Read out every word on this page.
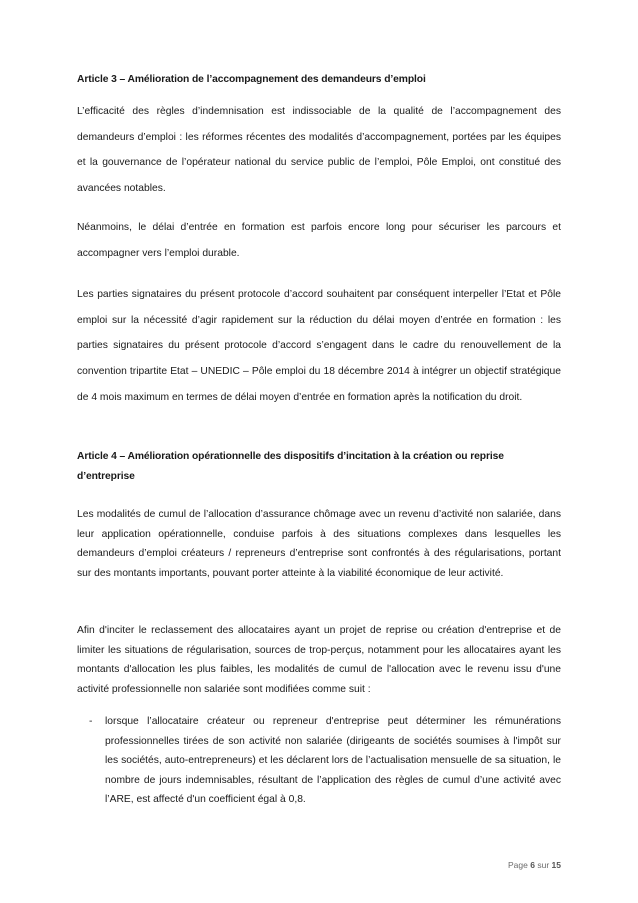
Article 3 – Amélioration de l’accompagnement des demandeurs d’emploi

L’efficacité des règles d’indemnisation est indissociable de la qualité de l’accompagnement des demandeurs d’emploi : les réformes récentes des modalités d’accompagnement, portées par les équipes et la gouvernance de l’opérateur national du service public de l’emploi, Pôle Emploi, ont constitué des avancées notables.

Néanmoins, le délai d’entrée en formation est parfois encore long pour sécuriser les parcours et accompagner vers l’emploi durable.

Les parties signataires du présent protocole d’accord souhaitent par conséquent interpeller l’Etat et Pôle emploi sur la nécessité d’agir rapidement sur la réduction du délai moyen d’entrée en formation : les parties signataires du présent protocole d’accord s’engagent dans le cadre du renouvellement de la convention tripartite Etat – UNEDIC – Pôle emploi du 18 décembre 2014 à intégrer un objectif stratégique de 4 mois maximum en termes de délai moyen d’entrée en formation après la notification du droit.

Article 4 – Amélioration opérationnelle des dispositifs d’incitation à la création ou reprise d’entreprise

Les modalités de cumul de l’allocation d’assurance chômage avec un revenu d’activité non salariée, dans leur application opérationnelle, conduise parfois à des situations complexes dans lesquelles les demandeurs d’emploi créateurs / repreneurs d’entreprise sont confrontés à des régularisations, portant sur des montants importants, pouvant porter atteinte à la viabilité économique de leur activité.

Afin d'inciter le reclassement des allocataires ayant un projet de reprise ou création d'entreprise et de limiter les situations de régularisation, sources de trop-perçus, notamment pour les allocataires ayant les montants d'allocation les plus faibles, les modalités de cumul de l'allocation avec le revenu issu d'une activité professionnelle non salariée sont modifiées comme suit :

- lorsque l’allocataire créateur ou repreneur d'entreprise peut déterminer les rémunérations professionnelles tirées de son activité non salariée (dirigeants de sociétés soumises à l'impôt sur les sociétés, auto-entrepreneurs) et les déclarent lors de l’actualisation mensuelle de sa situation, le nombre de jours indemnisables, résultant de l’application des règles de cumul d’une activité avec l’ARE, est affecté d'un coefficient égal à 0,8.
Page 6 sur 15
